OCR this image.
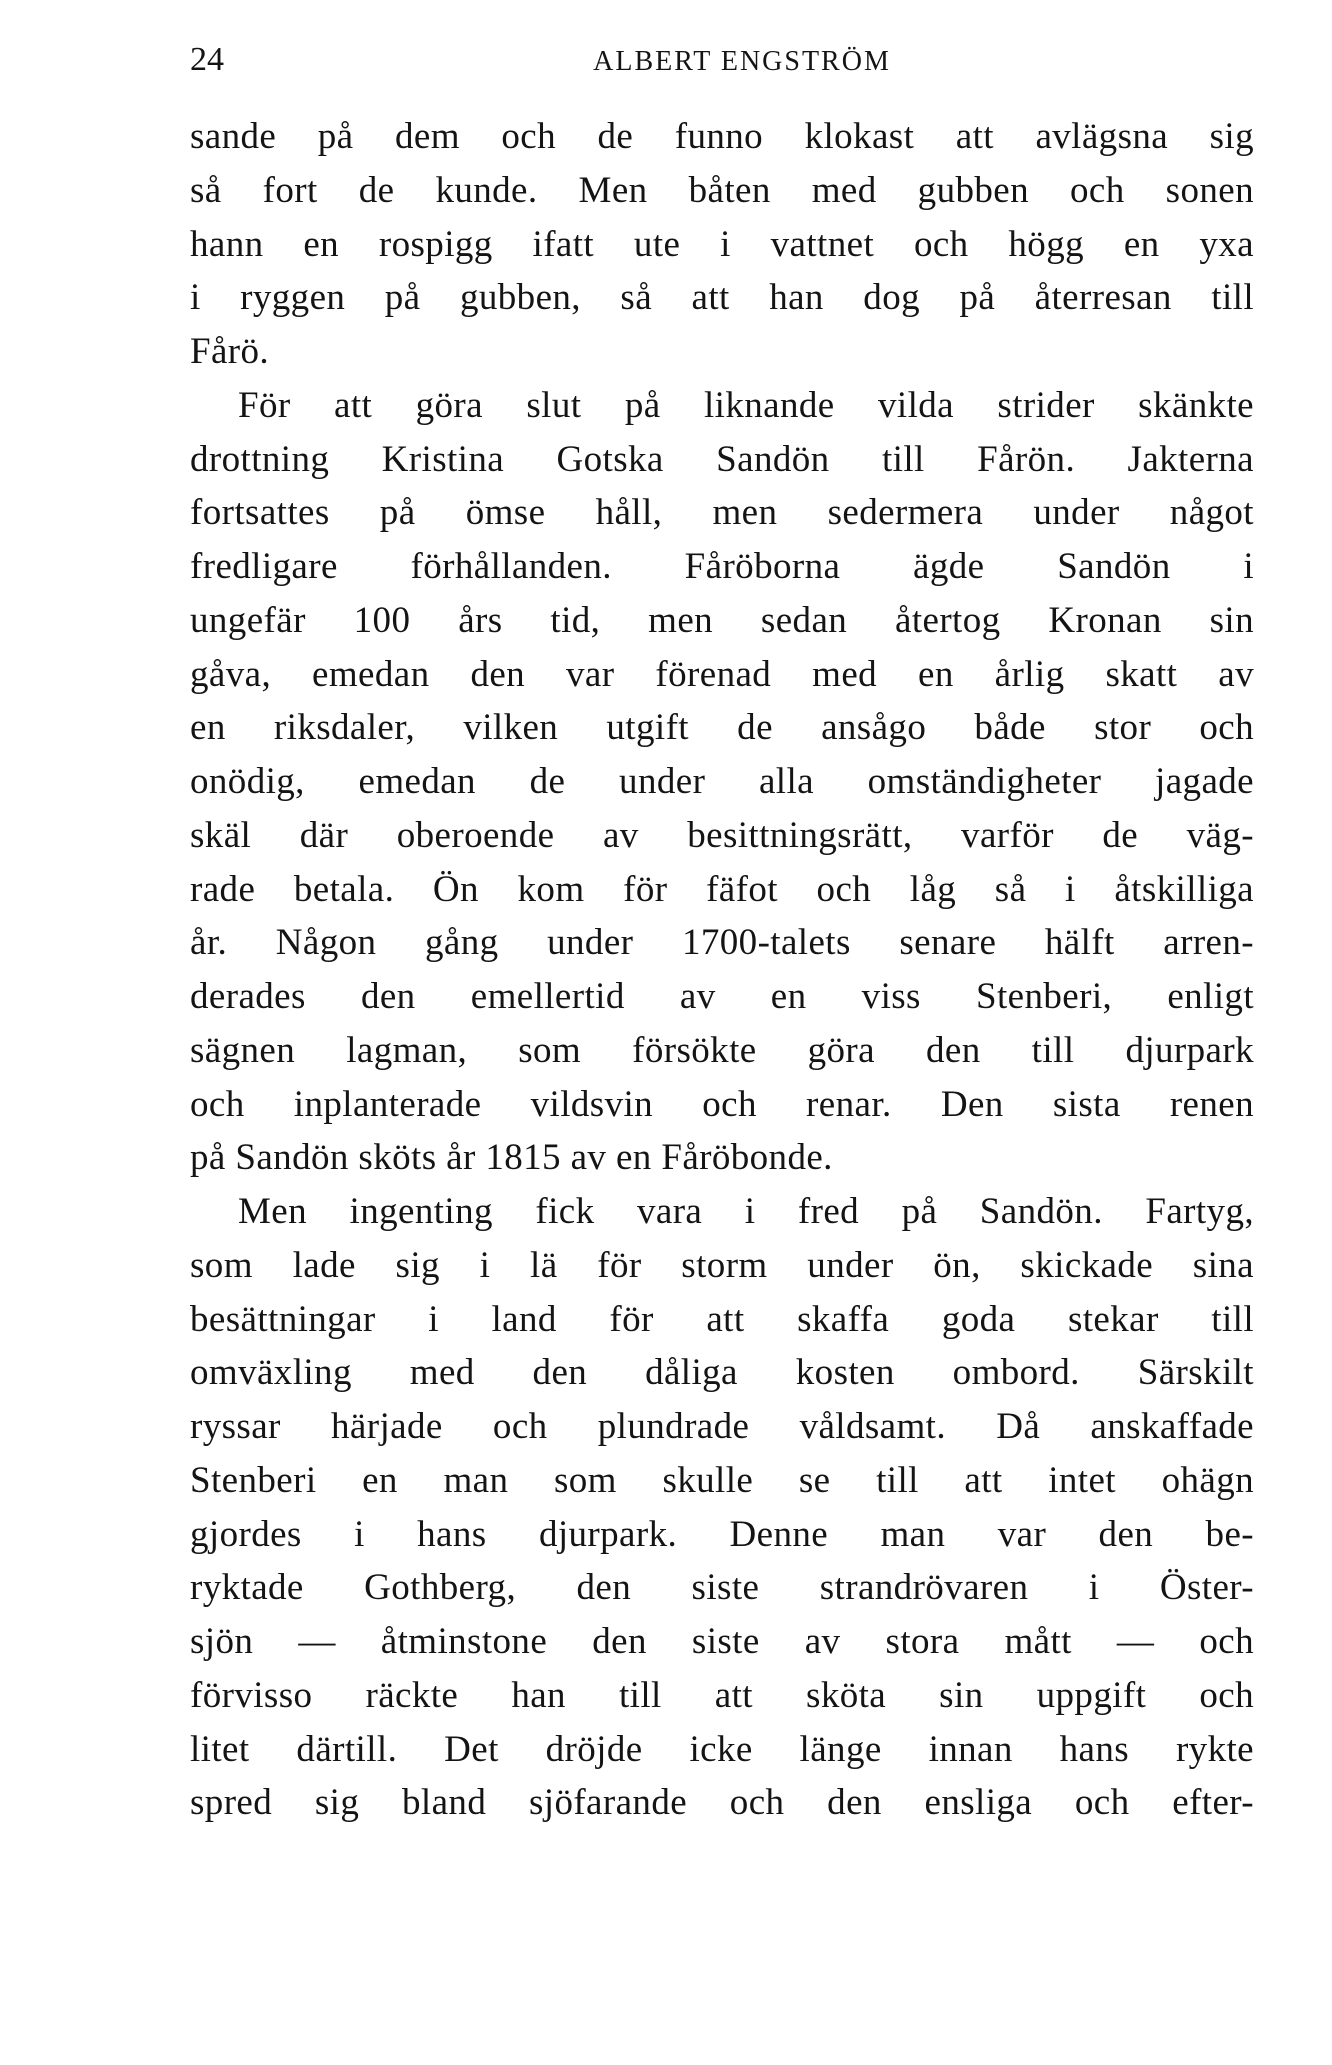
24	ALBERT ENGSTRÖM
sande på dem och de funno klokast att avlägsna sig
så fort de kunde. Men båten med gubben och sonen
hann en rospigg ifatt ute i vattnet och högg en yxa
i ryggen på gubben, så att han dog på återresan till
Fårö.
För att göra slut på liknande vilda strider skänkte
drottning Kristina Gotska Sandön till Fårön. Jakterna
fortsattes på ömse håll, men sedermera under något
fredligare förhållanden. Fåröborna ägde Sandön i
ungefär 100 års tid, men sedan återtog Kronan sin
gåva, emedan den var förenad med en årlig skatt av
en riksdaler, vilken utgift de ansågo både stor och
onödig, emedan de under alla omständigheter jagade
skäl där oberoende av besittningsrätt, varför de väg-
rade betala. Ön kom för fäfot och låg så i åtskilliga
år. Någon gång under 1700-talets senare hälft arren-
derades den emellertid av en viss Stenberi, enligt
sägnen lagman, som försökte göra den till djurpark
och inplanterade vildsvin och renar. Den sista renen
på Sandön sköts år 1815 av en Fåröbonde.
Men ingenting fick vara i fred på Sandön. Fartyg,
som lade sig i lä för storm under ön, skickade sina
besättningar i land för att skaffa goda stekar till
omväxling med den dåliga kosten ombord. Särskilt
ryssar härjade och plundrade våldsamt. Då anskaffade
Stenberi en man som skulle se till att intet ohägn
gjordes i hans djurpark. Denne man var den be-
ryktade Gothberg, den siste strandrövaren i Öster-
sjön — åtminstone den siste av stora mått — och
förvisso räckte han till att sköta sin uppgift och
litet därtill. Det dröjde icke länge innan hans rykte
spred sig bland sjöfarande och den ensliga och efter-
